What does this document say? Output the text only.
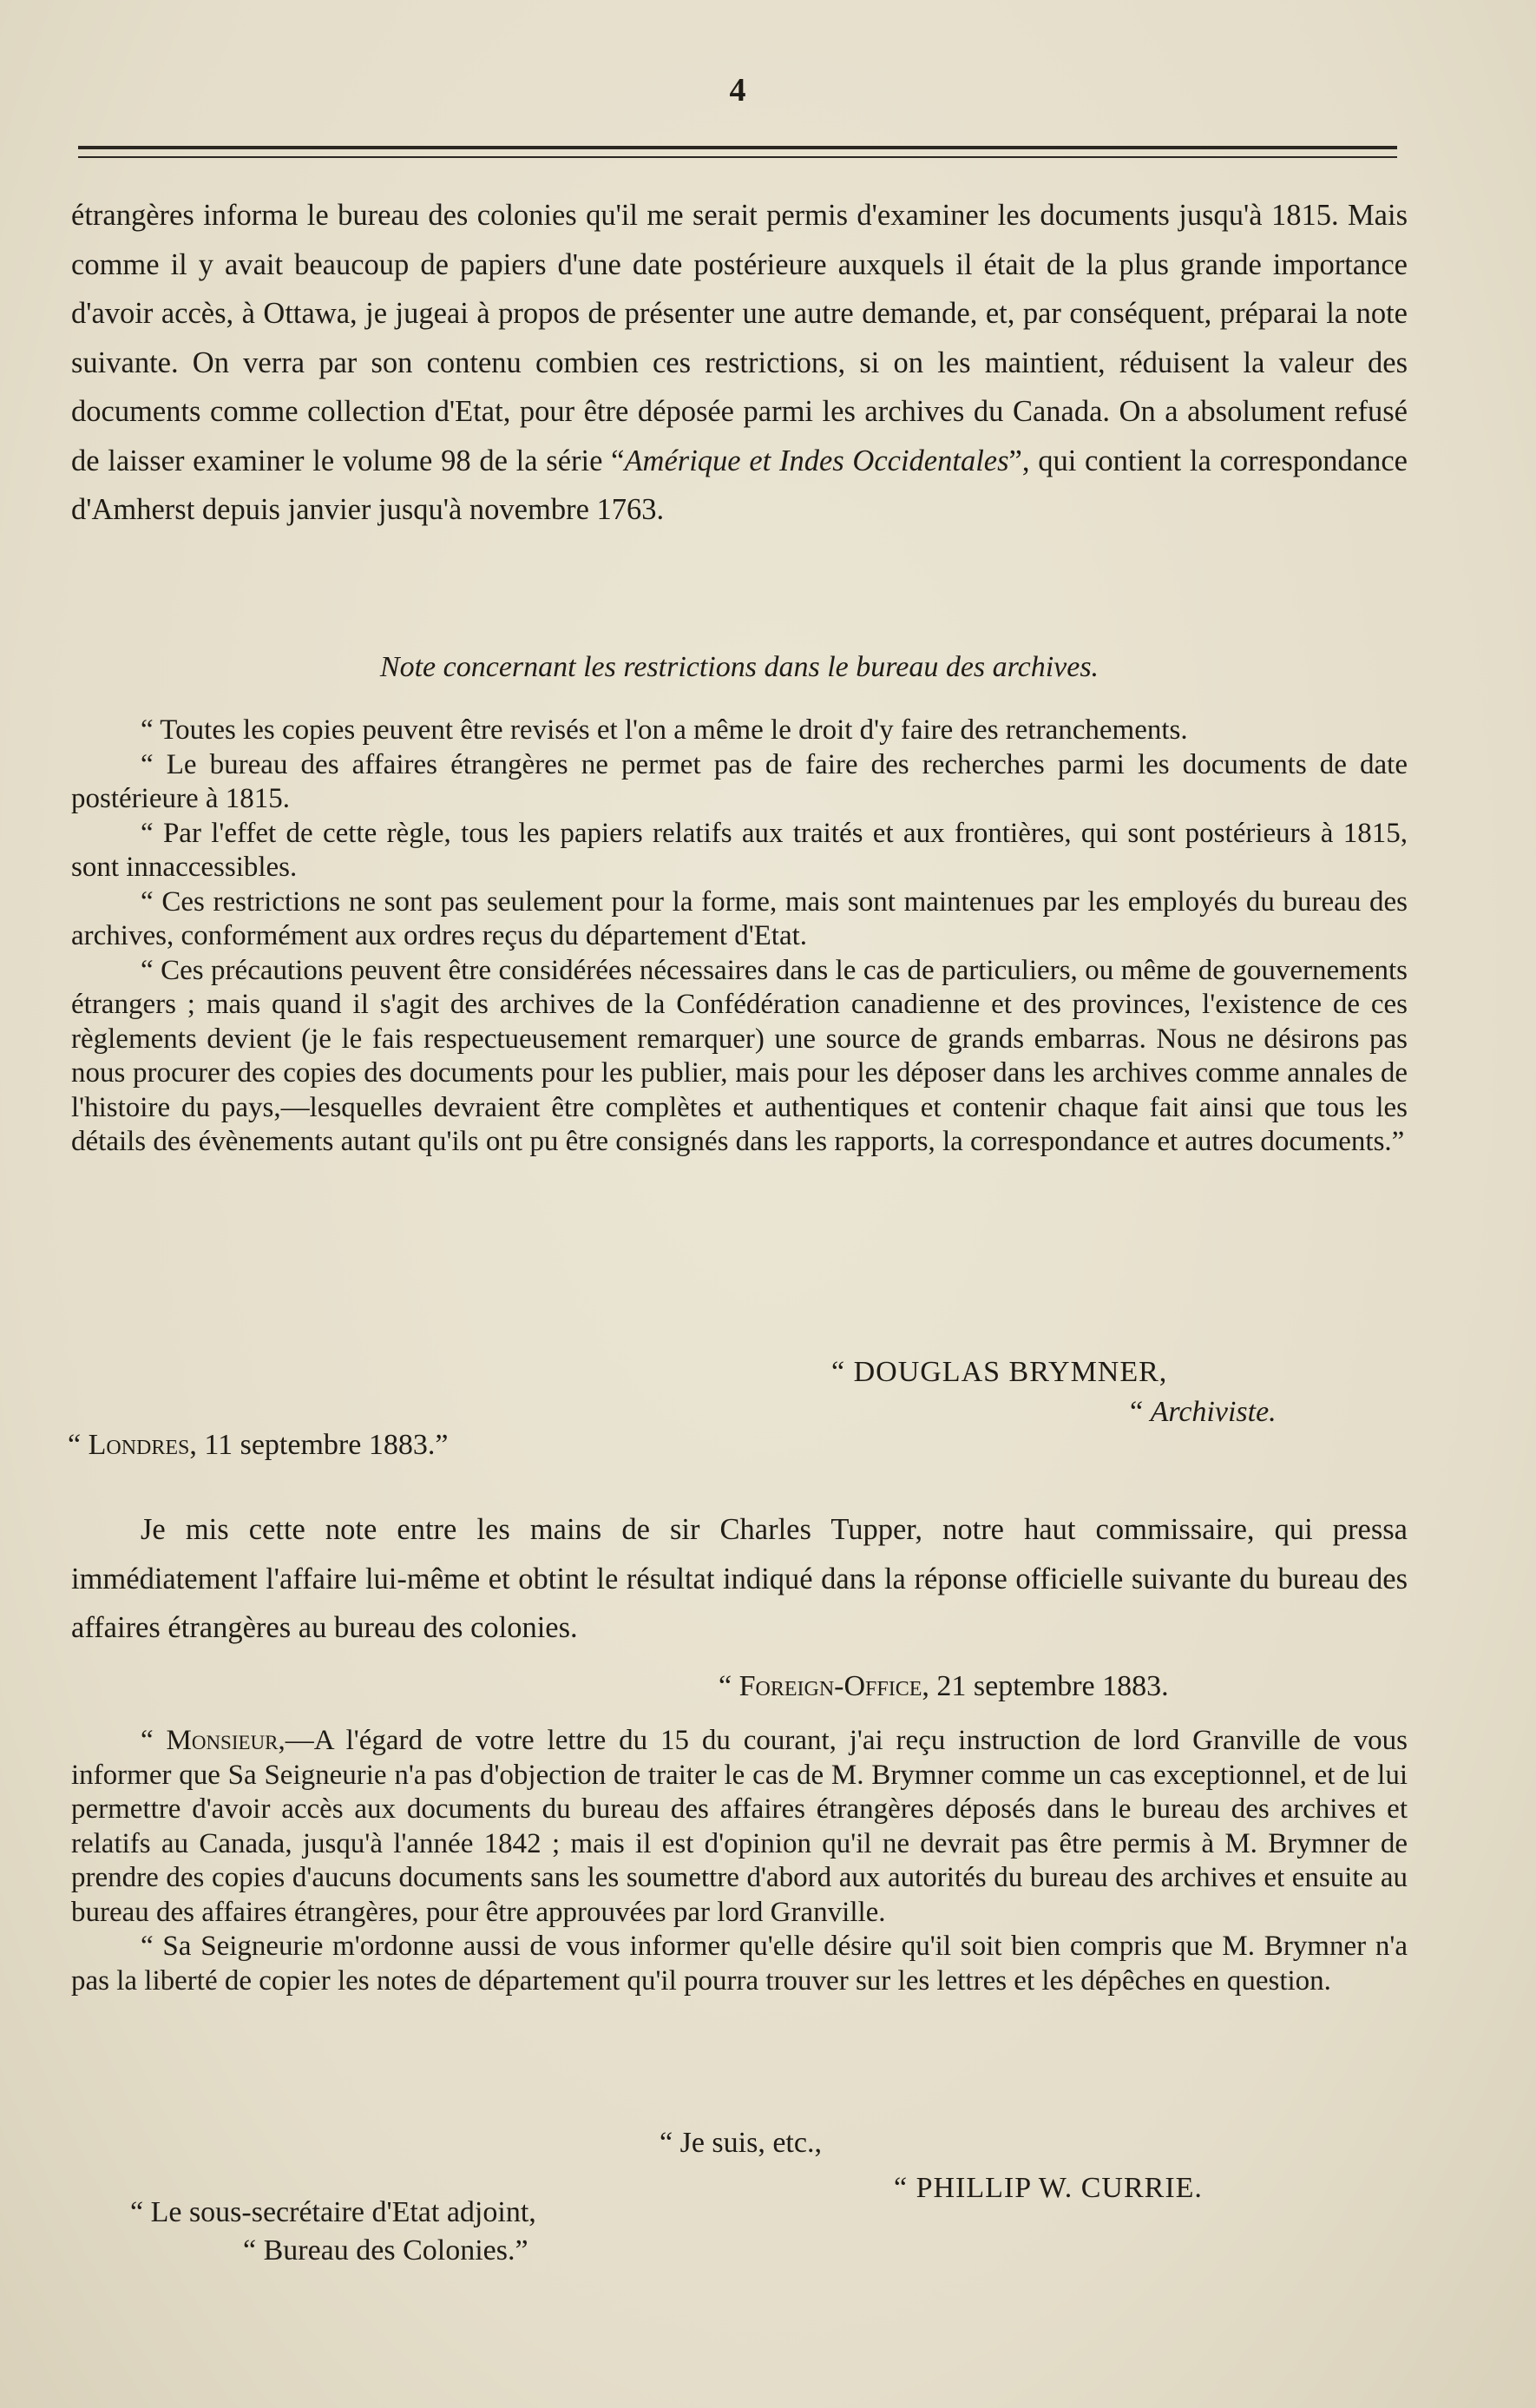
4

étrangères informa le bureau des colonies qu'il me serait permis d'examiner les documents jusqu'à 1815. Mais comme il y avait beaucoup de papiers d'une date postérieure auxquels il était de la plus grande importance d'avoir accès, à Ottawa, je jugeai à propos de présenter une autre demande, et, par conséquent, préparai la note suivante. On verra par son contenu combien ces restrictions, si on les maintient, réduisent la valeur des documents comme collection d'Etat, pour être déposée parmi les archives du Canada. On a absolument refusé de laisser examiner le volume 98 de la série “Amérique et Indes Occidentales”, qui contient la correspondance d'Amherst depuis janvier jusqu'à novembre 1763.

Note concernant les restrictions dans le bureau des archives.

“ Toutes les copies peuvent être revisés et l'on a même le droit d'y faire des retranchements.

“ Le bureau des affaires étrangères ne permet pas de faire des recherches parmi les documents de date postérieure à 1815.

“ Par l'effet de cette règle, tous les papiers relatifs aux traités et aux frontières, qui sont postérieurs à 1815, sont innaccessibles.

“ Ces restrictions ne sont pas seulement pour la forme, mais sont maintenues par les employés du bureau des archives, conformément aux ordres reçus du département d'Etat.

“ Ces précautions peuvent être considérées nécessaires dans le cas de particuliers, ou même de gouvernements étrangers ; mais quand il s'agit des archives de la Confédération canadienne et des provinces, l'existence de ces règlements devient (je le fais respectueusement remarquer) une source de grands embarras. Nous ne désirons pas nous procurer des copies des documents pour les publier, mais pour les déposer dans les archives comme annales de l'histoire du pays,—lesquelles devraient être complètes et authentiques et contenir chaque fait ainsi que tous les détails des évènements autant qu'ils ont pu être consignés dans les rapports, la correspondance et autres documents.”

“ DOUGLAS BRYMNER,
“ Archiviste.
“ Londres, 11 septembre 1883.”

Je mis cette note entre les mains de sir Charles Tupper, notre haut commissaire, qui pressa immédiatement l'affaire lui-même et obtint le résultat indiqué dans la réponse officielle suivante du bureau des affaires étrangères au bureau des colonies.

“ Foreign-Office, 21 septembre 1883.

“ Monsieur,—A l'égard de votre lettre du 15 du courant, j'ai reçu instruction de lord Granville de vous informer que Sa Seigneurie n'a pas d'objection de traiter le cas de M. Brymner comme un cas exceptionnel, et de lui permettre d'avoir accès aux documents du bureau des affaires étrangères déposés dans le bureau des archives et relatifs au Canada, jusqu'à l'année 1842 ; mais il est d'opinion qu'il ne devrait pas être permis à M. Brymner de prendre des copies d'aucuns documents sans les soumettre d'abord aux autorités du bureau des archives et ensuite au bureau des affaires étrangères, pour être approuvées par lord Granville.

“ Sa Seigneurie m'ordonne aussi de vous informer qu'elle désire qu'il soit bien compris que M. Brymner n'a pas la liberté de copier les notes de département qu'il pourra trouver sur les lettres et les dépêches en question.

“ Je suis, etc.,
“ PHILLIP W. CURRIE.
“ Le sous-secrétaire d'Etat adjoint,
“ Bureau des Colonies.”
